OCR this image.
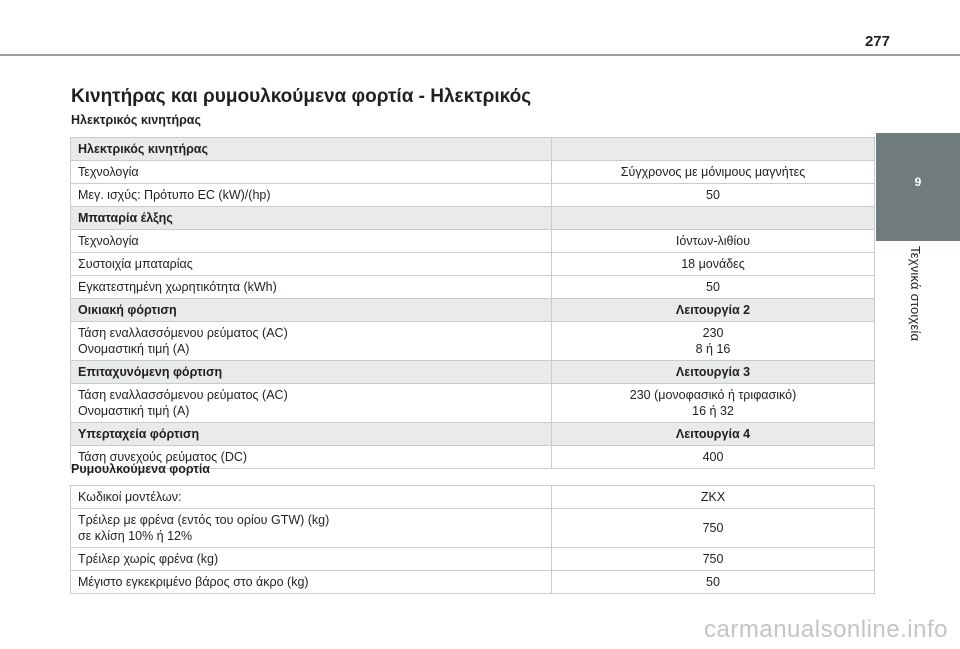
277
9
Τεχνικά στοιχεία
Κινητήρας και ρυμουλκούμενα φορτία - Ηλεκτρικός
Ηλεκτρικός κινητήρας
Ηλεκτρικός κινητήρας	

Τεχνολογία	Σύγχρονος με μόνιμους μαγνήτες

Μεγ. ισχύς: Πρότυπο EC (kW)/(hp)	50

Μπαταρία έλξης	

Τεχνολογία	Ιόντων-λιθίου

Συστοιχία μπαταρίας	18 μονάδες

Εγκατεστημένη χωρητικότητα (kWh)	50

Οικιακή φόρτιση	Λειτουργία 2

Τάση εναλλασσόμενου ρεύματος (AC)
Ονομαστική τιμή (A)	230
8 ή 16

Επιταχυνόμενη φόρτιση	Λειτουργία 3

Τάση εναλλασσόμενου ρεύματος (AC)
Ονομαστική τιμή (A)	230 (μονοφασικό ή τριφασικό)
16 ή 32

Υπερταχεία φόρτιση	Λειτουργία 4

Τάση συνεχούς ρεύματος (DC)	400
Ρυμουλκούμενα φορτία
Κωδικοί μοντέλων:	ZKX

Τρέιλερ με φρένα (εντός του ορίου GTW) (kg)
σε κλίση 10% ή 12%	750

Τρέιλερ χωρίς φρένα (kg)	750

Μέγιστο εγκεκριμένο βάρος στο άκρο (kg)	50
carmanualsonline.info
